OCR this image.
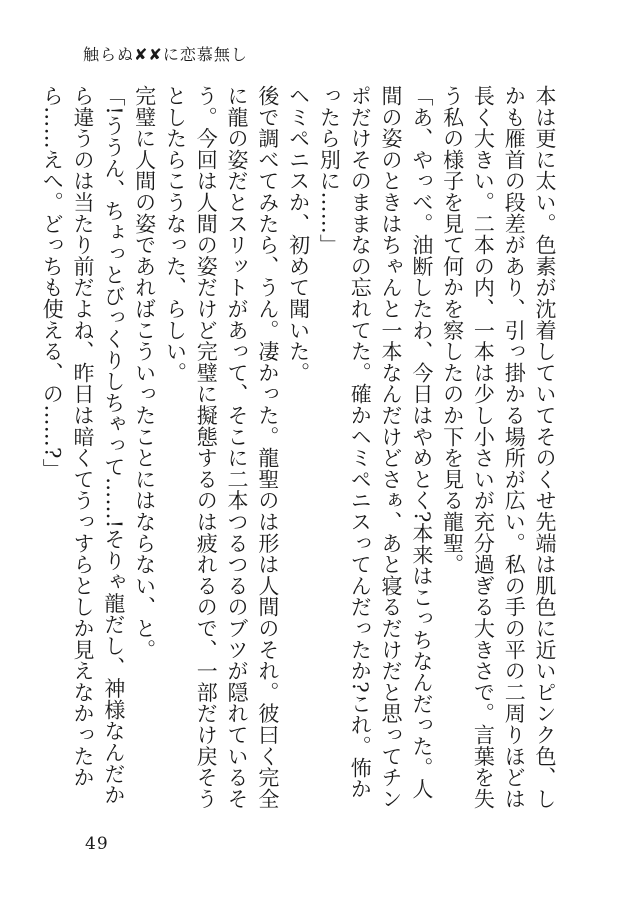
触らぬ✘✘に恋慕無し
本は更に太い。色素が沈着していてそのくせ先端は肌色に近いピンク色、しかも雁首の段差があり、引っ掛かる場所が広い。私の手の平の二周りほどは長く大きい。二本の内、一本は少し小さいが充分過ぎる大きさで。言葉を失う私の様子を見て何かを察したのか下を見る龍聖。
「あ、やっべ。油断したわ、今日はやめとく?本来はこっちなんだった。人間の姿のときはちゃんと一本なんだけどさぁ、あと寝るだけだと思ってチンポだけそのままなの忘れてた。確かヘミペニスってんだったか?これ。怖かったら別に……」
ヘミペニスか、初めて聞いた。
後で調べてみたら、うん。凄かった。龍聖のは形は人間のそれ。彼曰く完全に龍の姿だとスリットがあって、そこに二本つるつるのブツが隠れているそう。今回は人間の姿だけど完璧に擬態するのは疲れるので、一部だけ戻そうとしたらこうなった、らしい。
完璧に人間の姿であればこういったことにはならない、と。
「!ううん、ちょっとびっくりしちゃって……!そりゃ龍だし、神様なんだから違うのは当たり前だよね、昨日は暗くてうっすらとしか見えなかったから……えへ。どっちも使える、の……?」
49
